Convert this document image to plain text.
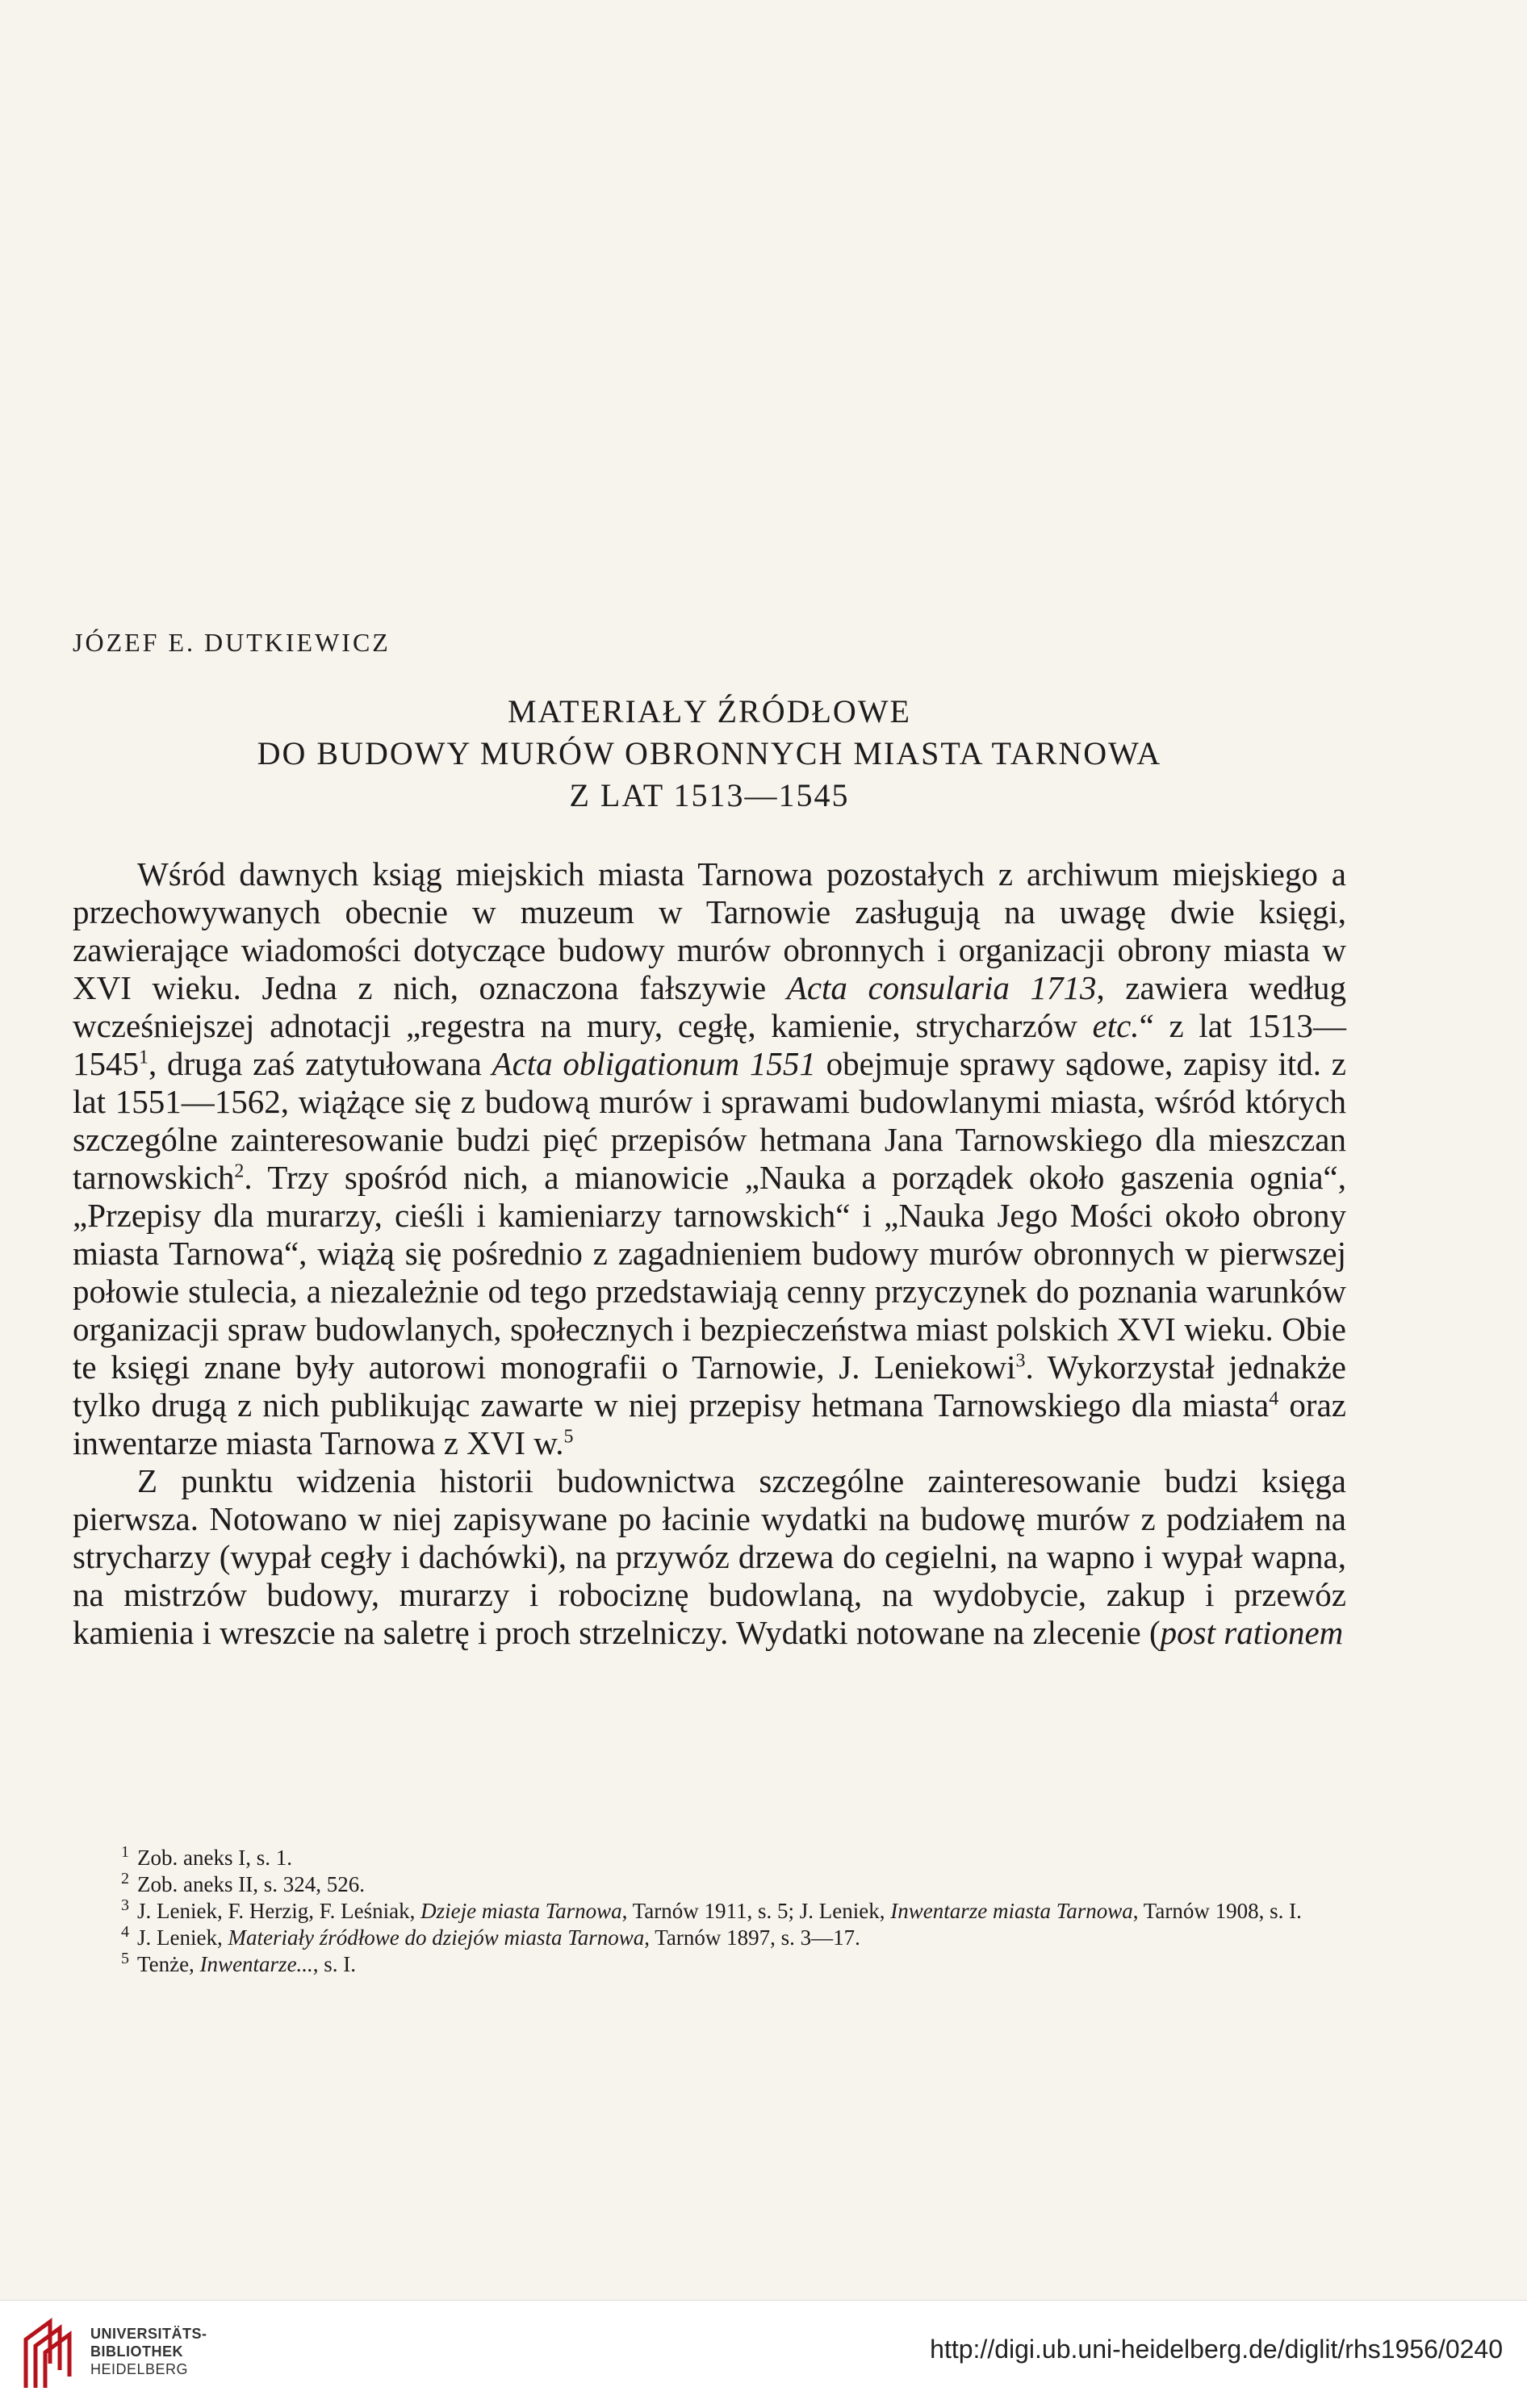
JÓZEF E. DUTKIEWICZ
MATERIAŁY ŹRÓDŁOWE
DO BUDOWY MURÓW OBRONNYCH MIASTA TARNOWA
Z LAT 1513—1545

Wśród dawnych ksiąg miejskich miasta Tarnowa pozostałych z archiwum miejskiego a przechowywanych obecnie w muzeum w Tarnowie zasługują na uwagę dwie księgi, zawierające wiadomości dotyczące budowy murów obronnych i organizacji obrony miasta w XVI wieku. Jedna z nich, oznaczona fałszywie Acta consularia 1713, zawiera według wcześniejszej adnotacji „regestra na mury, cegłę, kamienie, strycharzów etc.“ z lat 1513—1545$^1$, druga zaś zatytułowana Acta obligationum 1551 obejmuje sprawy sądowe, zapisy itd. z lat 1551—1562, wiążące się z budową murów i sprawami budowlanymi miasta, wśród których szczególne zainteresowanie budzi pięć przepisów hetmana Jana Tarnowskiego dla mieszczan tarnowskich$^2$. Trzy spośród nich, a mianowicie „Nauka a porządek około gaszenia ognia“, „Przepisy dla murarzy, cieśli i kamieniarzy tarnowskich“ i „Nauka Jego Mości około obrony miasta Tarnowa“, wiążą się pośrednio z zagadnieniem budowy murów obronnych w pierwszej połowie stulecia, a niezależnie od tego przedstawiają cenny przyczynek do poznania warunków organizacji spraw budowlanych, społecznych i bezpieczeństwa miast polskich XVI wieku. Obie te księgi znane były autorowi monografii o Tarnowie, J. Leniekowi$^3$. Wykorzystał jednakże tylko drugą z nich publikując zawarte w niej przepisy hetmana Tarnowskiego dla miasta$^4$ oraz inwentarze miasta Tarnowa z XVI w.$^5$

Z punktu widzenia historii budownictwa szczególne zainteresowanie budzi księga pierwsza. Notowano w niej zapisywane po łacinie wydatki na budowę murów z podziałem na strycharzy (wypał cegły i dachówki), na przywóz drzewa do cegielni, na wapno i wypał wapna, na mistrzów budowy, murarzy i robociznę budowlaną, na wydobycie, zakup i przewóz kamienia i wreszcie na saletrę i proch strzelniczy. Wydatki notowane na zlecenie (post rationem

1 Zob. aneks I, s. 1.

2 Zob. aneks II, s. 324, 526.

3 J. Leniek, F. Herzig, F. Leśniak, Dzieje miasta Tarnowa, Tarnów 1911, s. 5; J. Leniek, Inwentarze miasta Tarnowa, Tarnów 1908, s. I.

4 J. Leniek, Materiały źródłowe do dziejów miasta Tarnowa, Tarnów 1897, s. 3—17.

5 Tenże, Inwentarze..., s. I.

UNIVERSITÄTS-
BIBLIOTHEK
HEIDELBERG
http://digi.ub.uni-heidelberg.de/diglit/rhs1956/0240
